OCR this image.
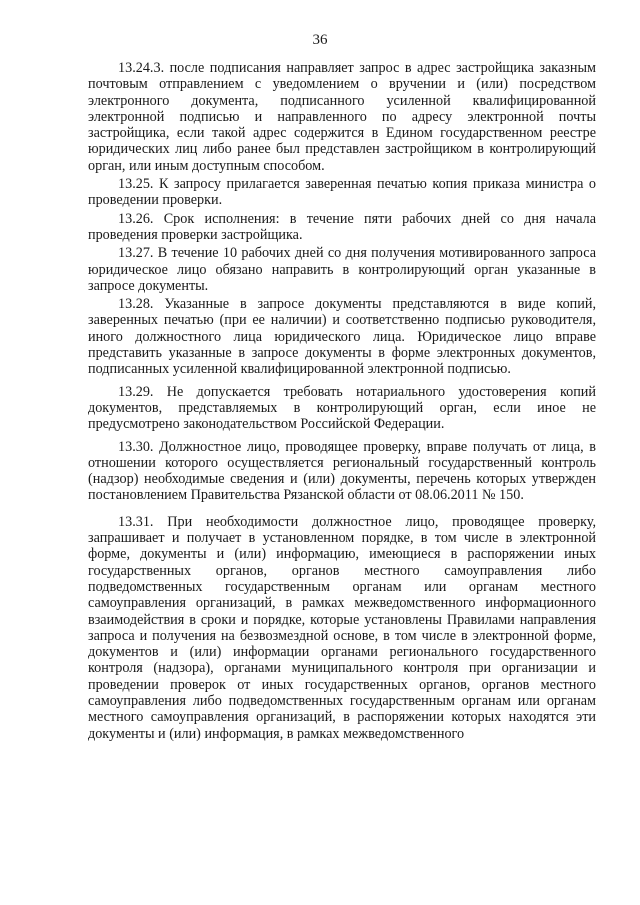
36

13.24.3. после подписания направляет запрос в адрес застройщика заказным почтовым отправлением с уведомлением о вручении и (или) посредством электронного документа, подписанного усиленной квалифицированной электронной подписью и направленного по адресу электронной почты застройщика, если такой адрес содержится в Едином государственном реестре юридических лиц либо ранее был представлен застройщиком в контролирующий орган, или иным доступным способом.

13.25. К запросу прилагается заверенная печатью копия приказа министра о проведении проверки.

13.26. Срок исполнения: в течение пяти рабочих дней со дня начала проведения проверки застройщика.

13.27. В течение 10 рабочих дней со дня получения мотивированного запроса юридическое лицо обязано направить в контролирующий орган указанные в запросе документы.

13.28. Указанные в запросе документы представляются в виде копий, заверенных печатью (при ее наличии) и соответственно подписью руководителя, иного должностного лица юридического лица. Юридическое лицо вправе представить указанные в запросе документы в форме электронных документов, подписанных усиленной квалифицированной электронной подписью.

13.29. Не допускается требовать нотариального удостоверения копий документов, представляемых в контролирующий орган, если иное не предусмотрено законодательством Российской Федерации.

13.30. Должностное лицо, проводящее проверку, вправе получать от лица, в отношении которого осуществляется региональный государственный контроль (надзор) необходимые сведения и (или) документы, перечень которых утвержден постановлением Правительства Рязанской области от 08.06.2011 № 150.

13.31. При необходимости должностное лицо, проводящее проверку, запрашивает и получает в установленном порядке, в том числе в электронной форме, документы и (или) информацию, имеющиеся в распоряжении иных государственных органов, органов местного самоуправления либо подведомственных государственным органам или органам местного самоуправления организаций, в рамках межведомственного информационного взаимодействия в сроки и порядке, которые установлены Правилами направления запроса и получения на безвозмездной основе, в том числе в электронной форме, документов и (или) информации органами регионального государственного контроля (надзора), органами муниципального контроля при организации и проведении проверок от иных государственных органов, органов местного самоуправления либо подведомственных государственным органам или органам местного самоуправления организаций, в распоряжении которых находятся эти документы и (или) информация, в рамках межведомственного
